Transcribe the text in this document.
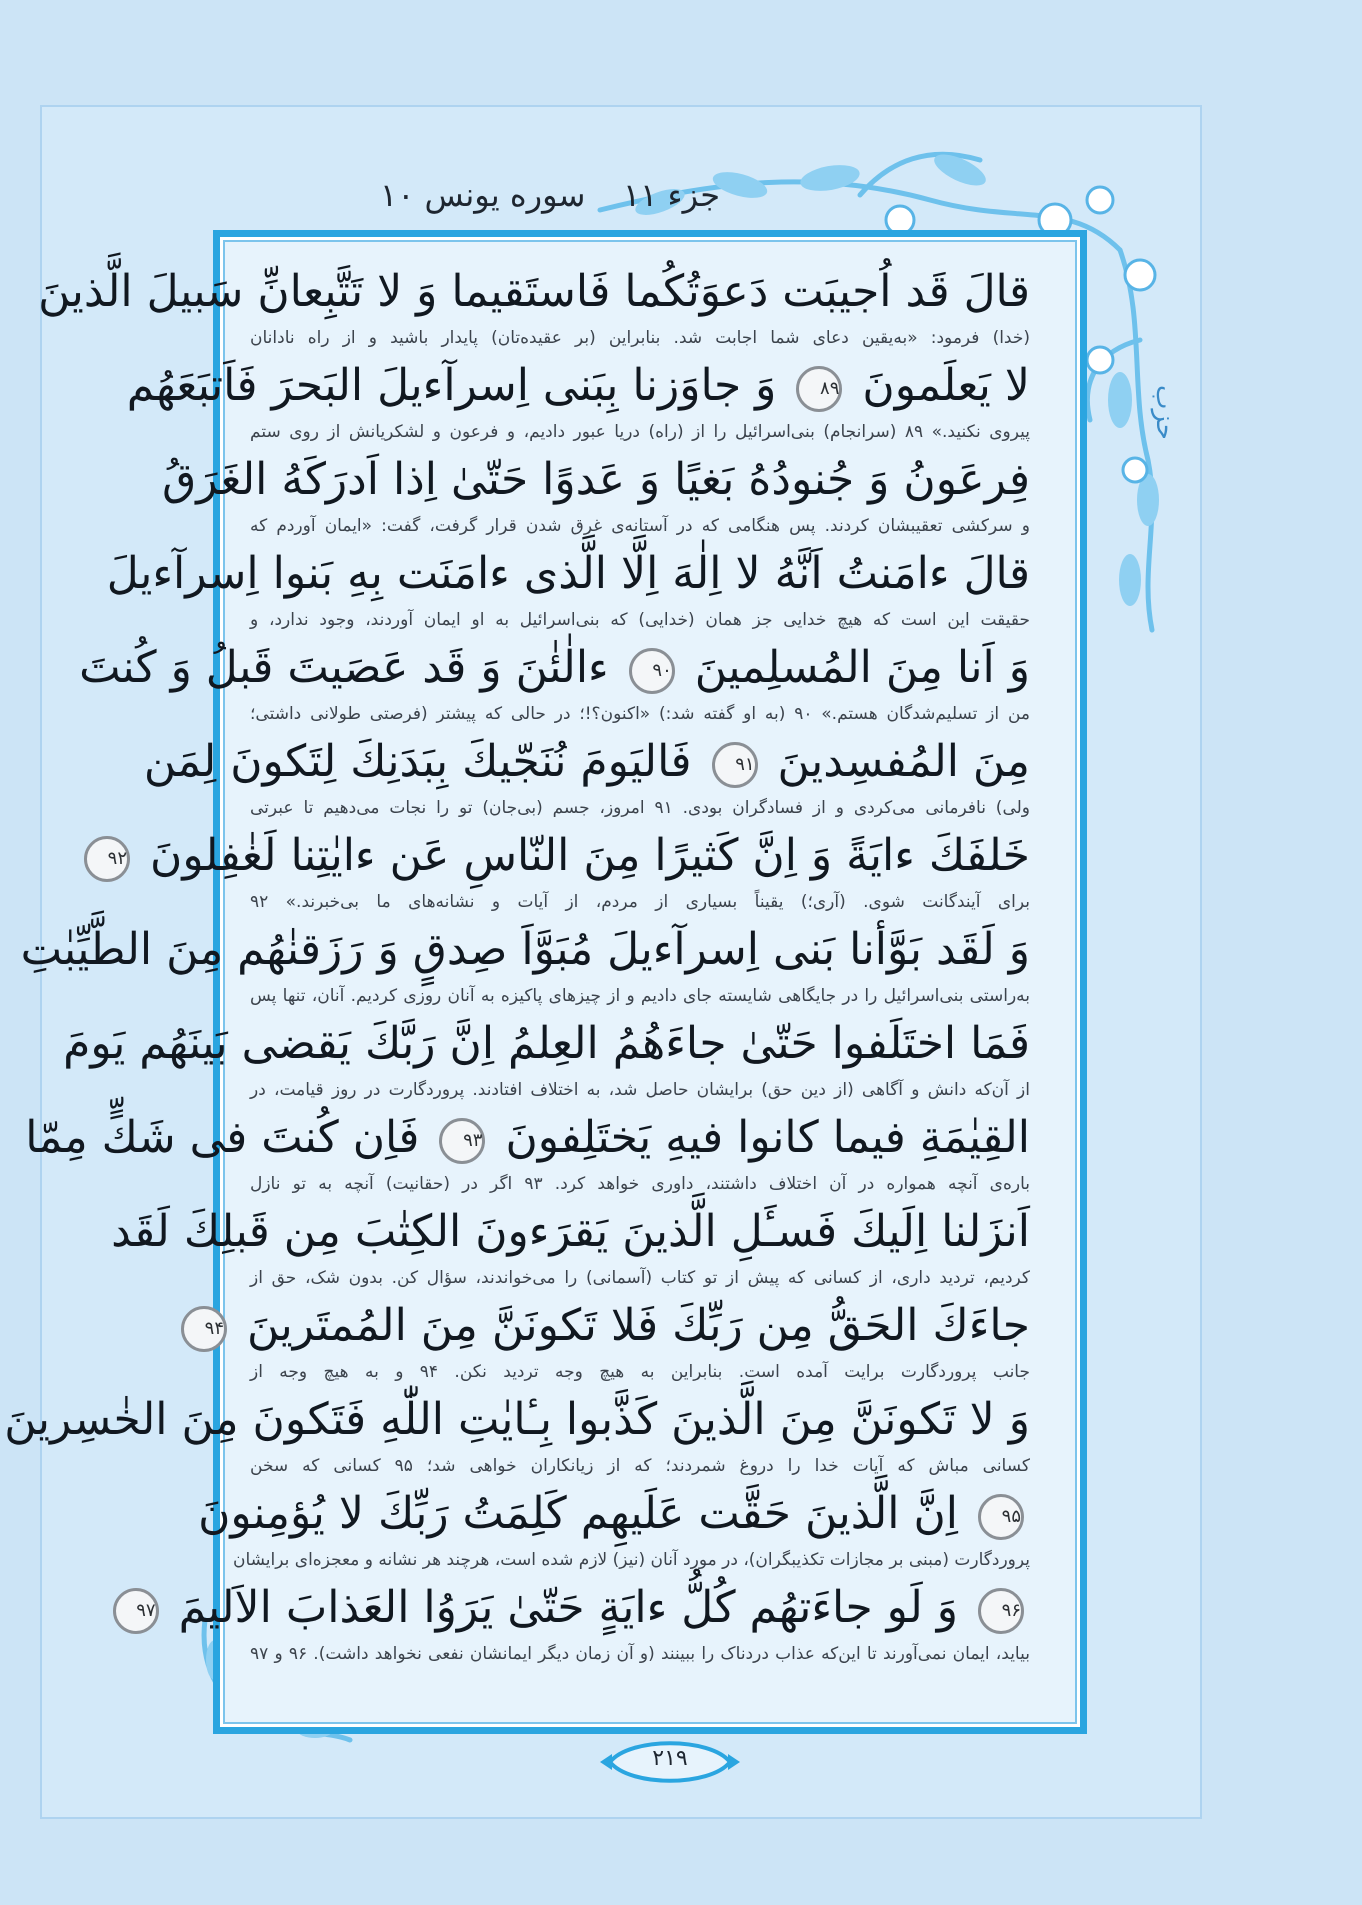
جزء ۱۱
سوره یونس ۱۰
حزب
قالَ قَد اُجيبَت دَعوَتُكُما فَاستَقيما وَ لا تَتَّبِعانِّ سَبيلَ الَّذينَ
(خدا) فرمود: «به‌یقین دعای شما اجابت شد. بنابراین (بر عقیده‌تان) پایدار باشید و از راه نادانان
لا يَعلَمونَ ۸۹ وَ جاوَزنا بِبَنى اِسرآءيلَ البَحرَ فَاَتبَعَهُم
پیروی نکنید.» ۸۹ (سرانجام) بنی‌اسرائیل را از (راه) دریا عبور دادیم، و فرعون و لشکریانش از روی ستم
فِرعَونُ وَ جُنودُهُ بَغيًا وَ عَدوًا حَتّىٰ اِذا اَدرَكَهُ الغَرَقُ
و سرکشی تعقیبشان کردند. پس هنگامی که در آستانه‌ی غرق شدن قرار گرفت، گفت: «ایمان آوردم که
قالَ ءامَنتُ اَنَّهُ لا اِلٰهَ اِلَّا الَّذى ءامَنَت بِهِ بَنوا اِسرآءيلَ
حقیقت این است که هیچ خدایی جز همان (خدایی) که بنی‌اسرائیل به او ایمان آوردند، وجود ندارد، و
وَ اَنا مِنَ المُسلِمينَ ۹۰ ءالٰئٰنَ وَ قَد عَصَيتَ قَبلُ وَ كُنتَ
من از تسلیم‌شدگان هستم.» ۹۰ (به او گفته شد:) «اکنون؟!؛ در حالی که پیشتر (فرصتی طولانی داشتی؛
مِنَ المُفسِدينَ ۹۱ فَاليَومَ نُنَجّيكَ بِبَدَنِكَ لِتَكونَ لِمَن
ولی) نافرمانی می‌کردی و از فسادگران بودی. ۹۱ امروز، جسم (بی‌جان) تو را نجات می‌دهیم تا عبرتی
خَلفَكَ ءايَةً وَ اِنَّ كَثيرًا مِنَ النّاسِ عَن ءايٰتِنا لَغٰفِلونَ ۹۲
برای آیندگانت شوی. (آری؛) یقیناً بسیاری از مردم، از آیات و نشانه‌های ما بی‌خبرند.» ۹۲
وَ لَقَد بَوَّأنا بَنى اِسرآءيلَ مُبَوَّاَ صِدقٍ وَ رَزَقنٰهُم مِنَ الطَّيِّبٰتِ
به‌راستی بنی‌اسرائیل را در جایگاهی شایسته جای دادیم و از چیزهای پاکیزه به آنان روزی کردیم. آنان، تنها پس
فَمَا اختَلَفوا حَتّىٰ جاءَهُمُ العِلمُ اِنَّ رَبَّكَ يَقضى بَينَهُم يَومَ
از آن‌که دانش و آگاهی (از دین حق) برایشان حاصل شد، به اختلاف افتادند. پروردگارت در روز قیامت، در
القِيٰمَةِ فيما كانوا فيهِ يَختَلِفونَ ۹۳ فَاِن كُنتَ فى شَكٍّ مِمّا
باره‌ی آنچه همواره در آن اختلاف داشتند، داوری خواهد کرد. ۹۳ اگر در (حقانیت) آنچه به تو نازل
اَنزَلنا اِلَيكَ فَسـَٔلِ الَّذينَ يَقرَءونَ الكِتٰبَ مِن قَبلِكَ لَقَد
کردیم، تردید داری، از کسانی که پیش از تو کتاب (آسمانی) را می‌خواندند، سؤال کن. بدون شک، حق از
جاءَكَ الحَقُّ مِن رَبِّكَ فَلا تَكونَنَّ مِنَ المُمتَرينَ ۹۴
جانب پروردگارت برایت آمده است. بنابراین به هیچ وجه تردید نکن. ۹۴ و به هیچ وجه از
وَ لا تَكونَنَّ مِنَ الَّذينَ كَذَّبوا بِـٔايٰتِ اللّٰهِ فَتَكونَ مِنَ الخٰسِرينَ
کسانی مباش که آیات خدا را دروغ شمردند؛ که از زیانکاران خواهی شد؛ ۹۵ کسانی که سخن
۹۵ اِنَّ الَّذينَ حَقَّت عَلَيهِم كَلِمَتُ رَبِّكَ لا يُؤمِنونَ
پروردگارت (مبنی بر مجازات تکذیبگران)، در مورد آنان (نیز) لازم شده است، هرچند هر نشانه و معجزه‌ای برایشان
۹۶ وَ لَو جاءَتهُم كُلُّ ءايَةٍ حَتّىٰ يَرَوُا العَذابَ الاَليمَ ۹۷
بیاید، ایمان نمی‌آورند تا این‌که عذاب دردناک را ببینند (و آن زمان دیگر ایمانشان نفعی نخواهد داشت). ۹۶ و ۹۷
۲۱۹
